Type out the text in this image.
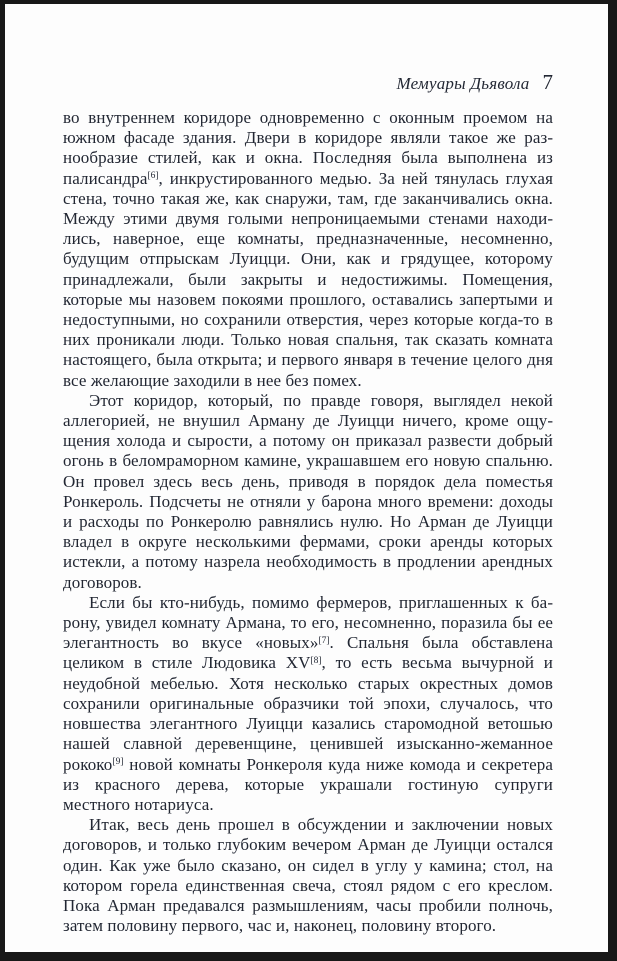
Мемуары Дьявола 7

во внутреннем коридоре одновременно с оконным проемом на южном фасаде здания. Двери в коридоре являли такое же разнообразие стилей, как и окна. Последняя была выполнена из палисандра[6], инкрустированного медью. За ней тянулась глухая стена, точно такая же, как снаружи, там, где заканчивались окна. Между этими двумя голыми непроницаемыми стенами находились, наверное, еще комнаты, предназначенные, несомненно, будущим отпрыскам Луицци. Они, как и грядущее, которому принадлежали, были закрыты и недостижимы. Помещения, которые мы назовем покоями прошлого, оставались запертыми и недоступными, но сохранили отверстия, через которые когда-то в них проникали люди. Только новая спальня, так сказать комната настоящего, была открыта; и первого января в течение целого дня все желающие заходили в нее без помех.

Этот коридор, который, по правде говоря, выглядел некой аллегорией, не внушил Арману де Луицци ничего, кроме ощущения холода и сырости, а потому он приказал развести добрый огонь в беломраморном камине, украшавшем его новую спальню. Он провел здесь весь день, приводя в порядок дела поместья Ронкероль. Подсчеты не отняли у барона много времени: доходы и расходы по Ронкеролю равнялись нулю. Но Арман де Луицци владел в округе несколькими фермами, сроки аренды которых истекли, а потому назрела необходимость в продлении арендных договоров.

Если бы кто-нибудь, помимо фермеров, приглашенных к барону, увидел комнату Армана, то его, несомненно, поразила бы ее элегантность во вкусе «новых»[7]. Спальня была обставлена целиком в стиле Людовика XV[8], то есть весьма вычурной и неудобной мебелью. Хотя несколько старых окрестных домов сохранили оригинальные образчики той эпохи, случалось, что новшества элегантного Луицци казались старомодной ветошью нашей славной деревенщине, ценившей изысканно-жеманное рококо[9] новой комнаты Ронкероля куда ниже комода и секретера из красного дерева, которые украшали гостиную супруги местного нотариуса.

Итак, весь день прошел в обсуждении и заключении новых договоров, и только глубоким вечером Арман де Луицци остался один. Как уже было сказано, он сидел в углу у камина; стол, на котором горела единственная свеча, стоял рядом с его креслом. Пока Арман предавался размышлениям, часы пробили полночь, затем половину первого, час и, наконец, половину второго.
